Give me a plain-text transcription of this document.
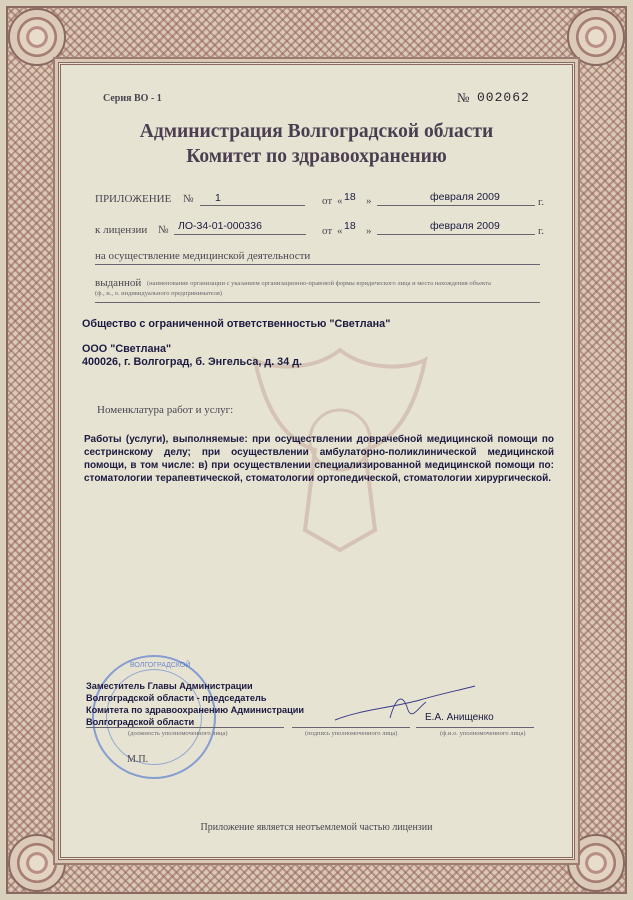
Серия ВО - 1	№ 002062
Администрация Волгоградской области
Комитет по здравоохранению
ПРИЛОЖЕНИЕ № 1	от « 18 »	февраля 2009	г.
к лицензии № ЛО-34-01-000336	от « 18 »	февраля 2009	г.
на осуществление медицинской деятельности
выданной (наименование организации с указанием организационно-правовой формы юридического лица и места нахождения объекта
(ф., и., о. индивидуального предпринимателя)
Общество с ограниченной ответственностью "Светлана"
ООО "Светлана"
400026, г. Волгоград, б. Энгельса, д. 34 д.
Номенклатура работ и услуг:
Работы (услуги), выполняемые: при осуществлении доврачебной медицинской помощи по сестринскому делу; при осуществлении амбулаторно-поликлинической медицинской помощи, в том числе: в) при осуществлении специализированной медицинской помощи по: стоматологии терапевтической, стоматологии ортопедической, стоматологии хирургической.
ВОЛГОГРАДСКОЙ
Заместитель Главы Администрации
Волгоградской области - председатель
Комитета по здравоохранению Администрации
Волгоградской области
(должность уполномоченного лица)	(подпись уполномоченного лица)
Е.А. Анищенко
(ф.и.о. уполномоченного лица)
М.П.
Приложение является неотъемлемой частью лицензии
